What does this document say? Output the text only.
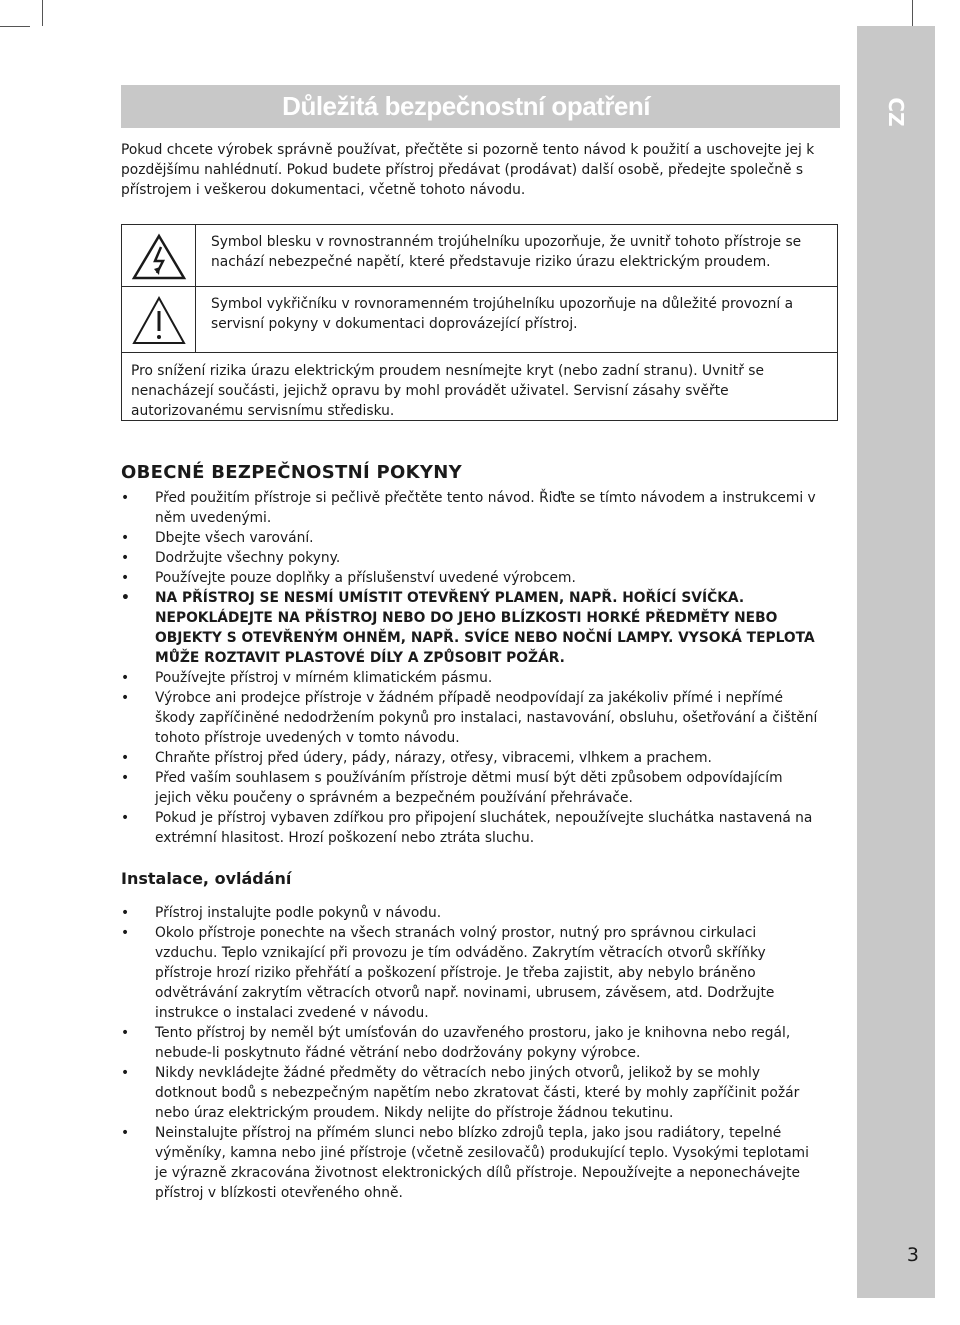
CZ
3
Důležitá bezpečnostní opatření

Pokud chcete výrobek správně používat, přečtěte si pozorně tento návod k použití a uschovejte jej k pozdějšímu nahlédnutí. Pokud budete přístroj předávat (prodávat) další osobě, předejte společně s přístrojem i veškerou dokumentaci, včetně tohoto návodu.

Symbol blesku v rovnostranném trojúhelníku upozorňuje, že uvnitř tohoto přístroje se nachází nebezpečné napětí, které představuje riziko úrazu elektrickým proudem.

Symbol vykřičníku v rovnoramenném trojúhelníku upozorňuje na důležité provozní a servisní pokyny v dokumentaci doprovázející přístroj.

Pro snížení rizika úrazu elektrickým proudem nesnímejte kryt (nebo zadní stranu). Uvnitř se nenacházejí součásti, jejichž opravu by mohl provádět uživatel. Servisní zásahy svěřte autorizovanému servisnímu středisku.

OBECNÉ BEZPEČNOSTNÍ POKYNY
• Před použitím přístroje si pečlivě přečtěte tento návod. Řiďte se tímto návodem a instrukcemi v něm uvedenými.
• Dbejte všech varování.
• Dodržujte všechny pokyny.
• Používejte pouze doplňky a příslušenství uvedené výrobcem.
• NA PŘÍSTROJ SE NESMÍ UMÍSTIT OTEVŘENÝ PLAMEN, NAPŘ. HOŘÍCÍ SVÍČKA. NEPOKLÁDEJTE NA PŘÍSTROJ NEBO DO JEHO BLÍZKOSTI HORKÉ PŘEDMĚTY NEBO OBJEKTY S OTEVŘENÝM OHNĚM, NAPŘ. SVÍCE NEBO NOČNÍ LAMPY. VYSOKÁ TEPLOTA MŮŽE ROZTAVIT PLASTOVÉ DÍLY A ZPŮSOBIT POŽÁR.
• Používejte přístroj v mírném klimatickém pásmu.
• Výrobce ani prodejce přístroje v žádném případě neodpovídají za jakékoliv přímé i nepřímé škody zapříčiněné nedodržením pokynů pro instalaci, nastavování, obsluhu, ošetřování a čištění tohoto přístroje uvedených v tomto návodu.
• Chraňte přístroj před údery, pády, nárazy, otřesy, vibracemi, vlhkem a prachem.
• Před vaším souhlasem s používáním přístroje dětmi musí být děti způsobem odpovídajícím jejich věku poučeny o správném a bezpečném používání přehrávače.
• Pokud je přístroj vybaven zdířkou pro připojení sluchátek, nepoužívejte sluchátka nastavená na extrémní hlasitost. Hrozí poškození nebo ztráta sluchu.
Instalace, ovládání
• Přístroj instalujte podle pokynů v návodu.
• Okolo přístroje ponechte na všech stranách volný prostor, nutný pro správnou cirkulaci vzduchu. Teplo vznikající při provozu je tím odváděno. Zakrytím větracích otvorů skříňky přístroje hrozí riziko přehřátí a poškození přístroje. Je třeba zajistit, aby nebylo bráněno odvětrávání zakrytím větracích otvorů např. novinami, ubrusem, závěsem, atd. Dodržujte instrukce o instalaci zvedené v návodu.
• Tento přístroj by neměl být umísťován do uzavřeného prostoru, jako je knihovna nebo regál, nebude-li poskytnuto řádné větrání nebo dodržovány pokyny výrobce.
• Nikdy nevkládejte žádné předměty do větracích nebo jiných otvorů, jelikož by se mohly dotknout bodů s nebezpečným napětím nebo zkratovat části, které by mohly zapříčinit požár nebo úraz elektrickým proudem. Nikdy nelijte do přístroje žádnou tekutinu.
• Neinstalujte přístroj na přímém slunci nebo blízko zdrojů tepla, jako jsou radiátory, tepelné výměníky, kamna nebo jiné přístroje (včetně zesilovačů) produkující teplo. Vysokými teplotami je výrazně zkracována životnost elektronických dílů přístroje. Nepoužívejte a neponechávejte přístroj v blízkosti otevřeného ohně.
